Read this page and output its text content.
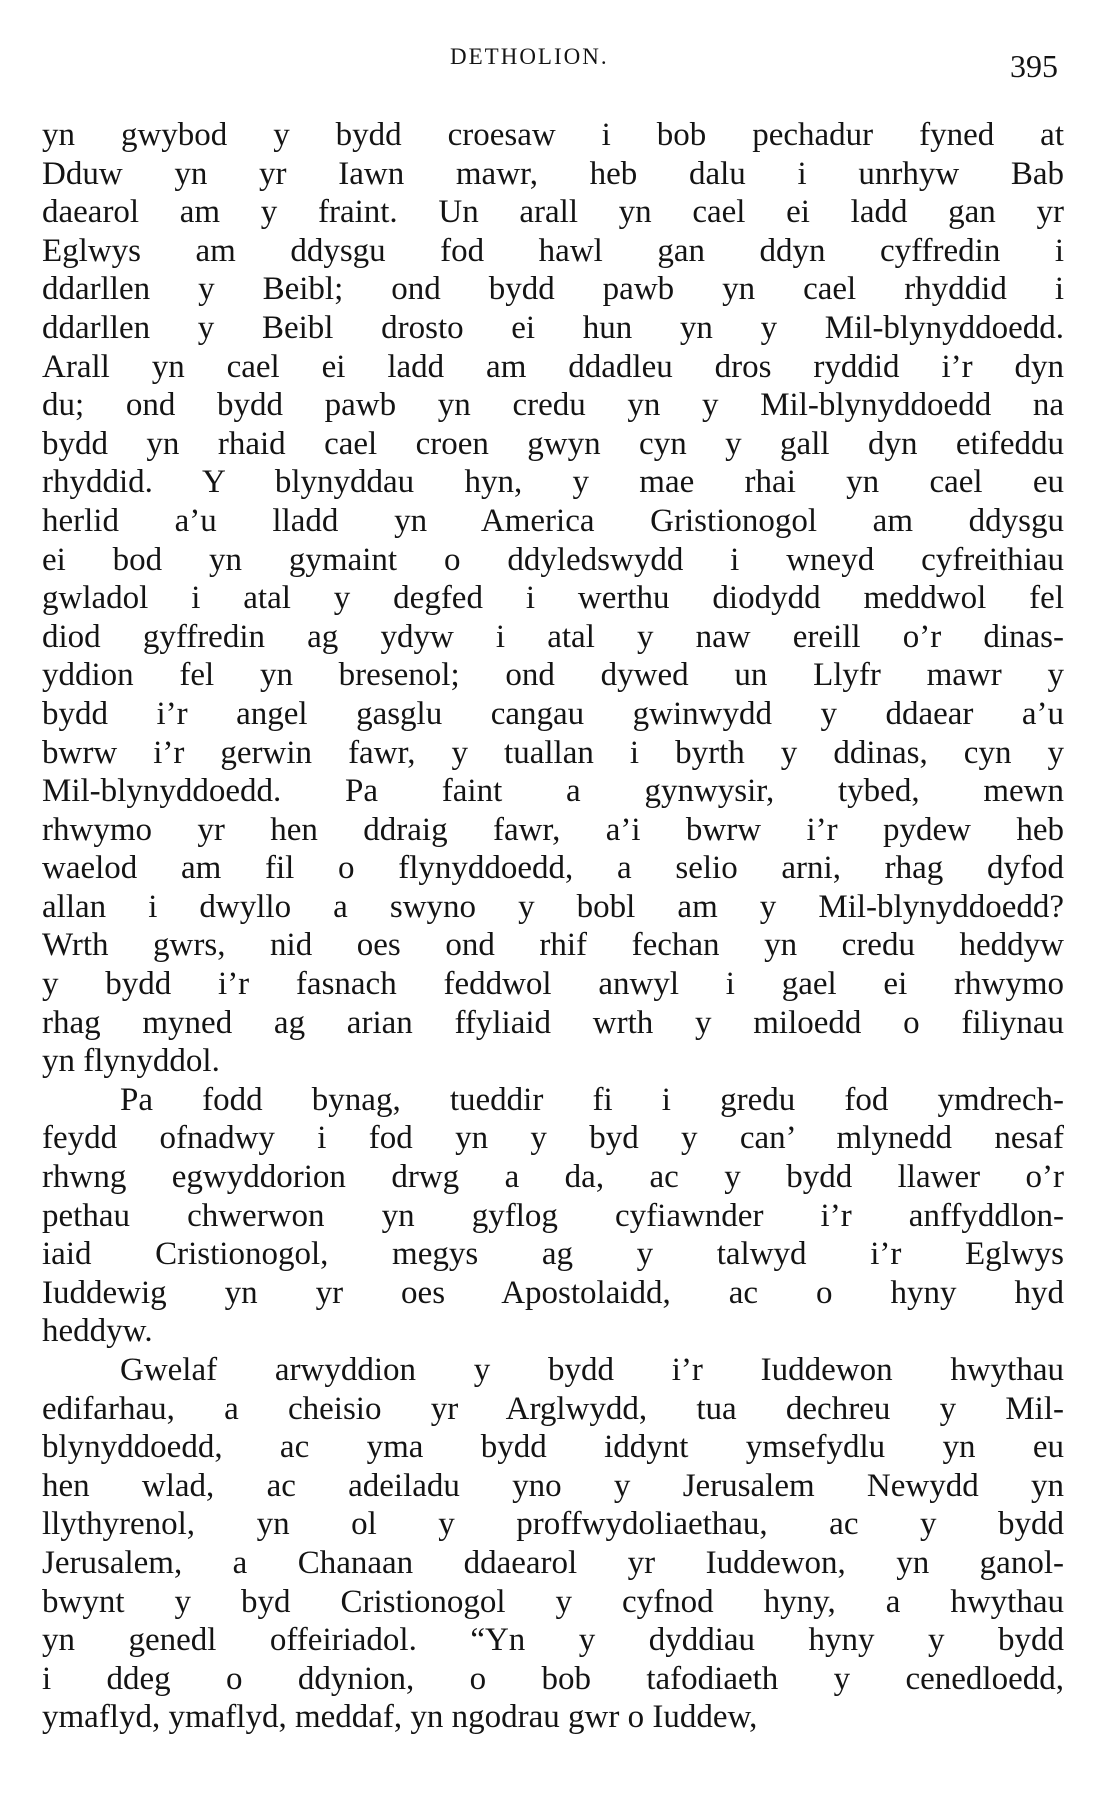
DETHOLION.	395

yn gwybod y bydd croesaw i bob pechadur fyned at
Dduw yn yr Iawn mawr, heb dalu i unrhyw Bab
daearol am y fraint. Un arall yn cael ei ladd gan yr
Eglwys am ddysgu fod hawl gan ddyn cyffredin i
ddarllen y Beibl; ond bydd pawb yn cael rhyddid i
ddarllen y Beibl drosto ei hun yn y Mil-blynyddoedd.
Arall yn cael ei ladd am ddadleu dros ryddid i’r dyn
du; ond bydd pawb yn credu yn y Mil-blynyddoedd na
bydd yn rhaid cael croen gwyn cyn y gall dyn etifeddu
rhyddid. Y blynyddau hyn, y mae rhai yn cael eu
herlid a’u lladd yn America Gristionogol am ddysgu
ei bod yn gymaint o ddyledswydd i wneyd cyfreithiau
gwladol i atal y degfed i werthu diodydd meddwol fel
diod gyffredin ag ydyw i atal y naw ereill o’r dinas-
yddion fel yn bresenol; ond dywed un Llyfr mawr y
bydd i’r angel gasglu cangau gwinwydd y ddaear a’u
bwrw i’r gerwin fawr, y tuallan i byrth y ddinas, cyn y
Mil-blynyddoedd. Pa faint a gynwysir, tybed, mewn
rhwymo yr hen ddraig fawr, a’i bwrw i’r pydew heb
waelod am fil o flynyddoedd, a selio arni, rhag dyfod
allan i dwyllo a swyno y bobl am y Mil-blynyddoedd?
Wrth gwrs, nid oes ond rhif fechan yn credu heddyw
y bydd i’r fasnach feddwol anwyl i gael ei rhwymo
rhag myned ag arian ffyliaid wrth y miloedd o filiynau
yn flynyddol.

Pa fodd bynag, tueddir fi i gredu fod ymdrech-
feydd ofnadwy i fod yn y byd y can’ mlynedd nesaf
rhwng egwyddorion drwg a da, ac y bydd llawer o’r
pethau chwerwon yn gyflog cyfiawnder i’r anffyddlon-
iaid Cristionogol, megys ag y talwyd i’r Eglwys
Iuddewig yn yr oes Apostolaidd, ac o hyny hyd
heddyw.

Gwelaf arwyddion y bydd i’r Iuddewon hwythau
edifarhau, a cheisio yr Arglwydd, tua dechreu y Mil-
blynyddoedd, ac yma bydd iddynt ymsefydlu yn eu
hen wlad, ac adeiladu yno y Jerusalem Newydd yn
llythyrenol, yn ol y proffwydoliaethau, ac y bydd
Jerusalem, a Chanaan ddaearol yr Iuddewon, yn ganol-
bwynt y byd Cristionogol y cyfnod hyny, a hwythau
yn genedl offeiriadol. “Yn y dyddiau hyny y bydd
i ddeg o ddynion, o bob tafodiaeth y cenedloedd,
ymaflyd, ymaflyd, meddaf, yn ngodrau gwr o Iuddew,
